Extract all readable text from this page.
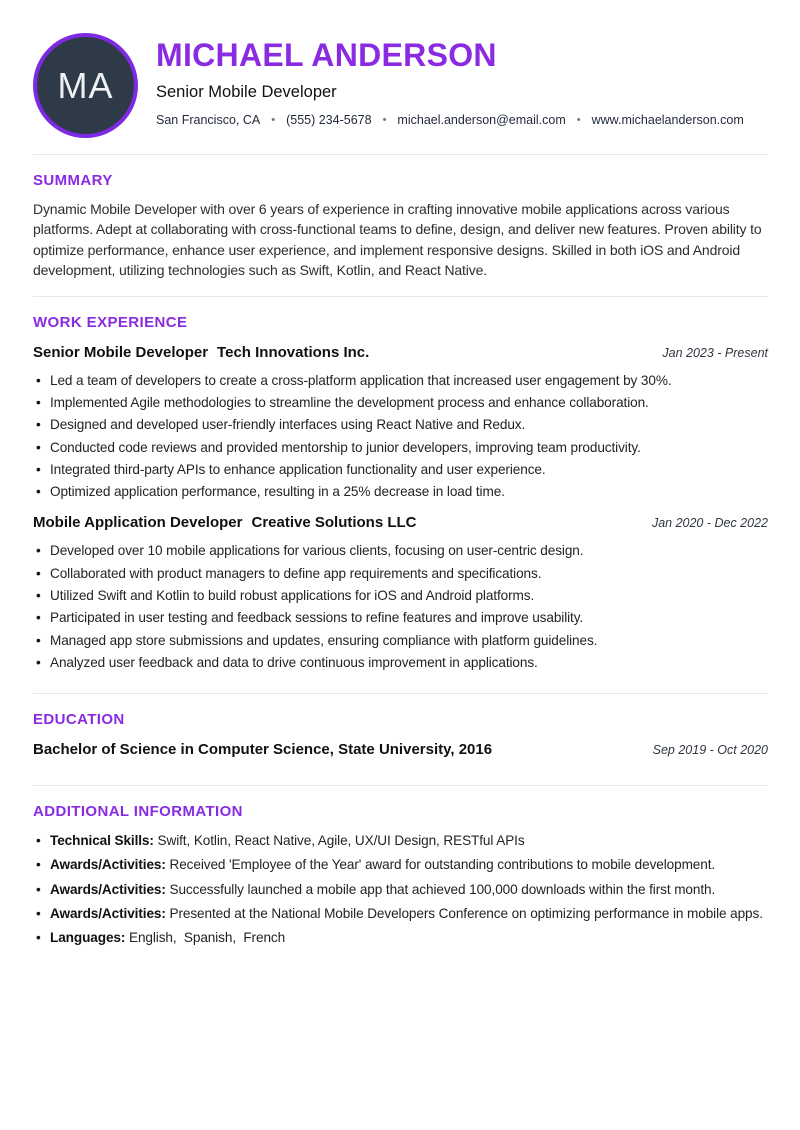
MA
MICHAEL ANDERSON
Senior Mobile Developer
San Francisco, CA • (555) 234-5678 • michael.anderson@email.com • www.michaelanderson.com
SUMMARY

Dynamic Mobile Developer with over 6 years of experience in crafting innovative mobile applications across various platforms. Adept at collaborating with cross-functional teams to define, design, and deliver new features. Proven ability to optimize performance, enhance user experience, and implement responsive designs. Skilled in both iOS and Android development, utilizing technologies such as Swift, Kotlin, and React Native.

WORK EXPERIENCE
Senior Mobile Developer Tech Innovations Inc.	Jan 2023 - Present
• Led a team of developers to create a cross-platform application that increased user engagement by 30%.
• Implemented Agile methodologies to streamline the development process and enhance collaboration.
• Designed and developed user-friendly interfaces using React Native and Redux.
• Conducted code reviews and provided mentorship to junior developers, improving team productivity.
• Integrated third-party APIs to enhance application functionality and user experience.
• Optimized application performance, resulting in a 25% decrease in load time.
Mobile Application Developer Creative Solutions LLC	Jan 2020 - Dec 2022
• Developed over 10 mobile applications for various clients, focusing on user-centric design.
• Collaborated with product managers to define app requirements and specifications.
• Utilized Swift and Kotlin to build robust applications for iOS and Android platforms.
• Participated in user testing and feedback sessions to refine features and improve usability.
• Managed app store submissions and updates, ensuring compliance with platform guidelines.
• Analyzed user feedback and data to drive continuous improvement in applications.
EDUCATION
Bachelor of Science in Computer Science, State University, 2016	Sep 2019 - Oct 2020
ADDITIONAL INFORMATION
• Technical Skills: Swift, Kotlin, React Native, Agile, UX/UI Design, RESTful APIs
• Awards/Activities: Received 'Employee of the Year' award for outstanding contributions to mobile development.
• Awards/Activities: Successfully launched a mobile app that achieved 100,000 downloads within the first month.
• Awards/Activities: Presented at the National Mobile Developers Conference on optimizing performance in mobile apps.
• Languages: English,  Spanish,  French
